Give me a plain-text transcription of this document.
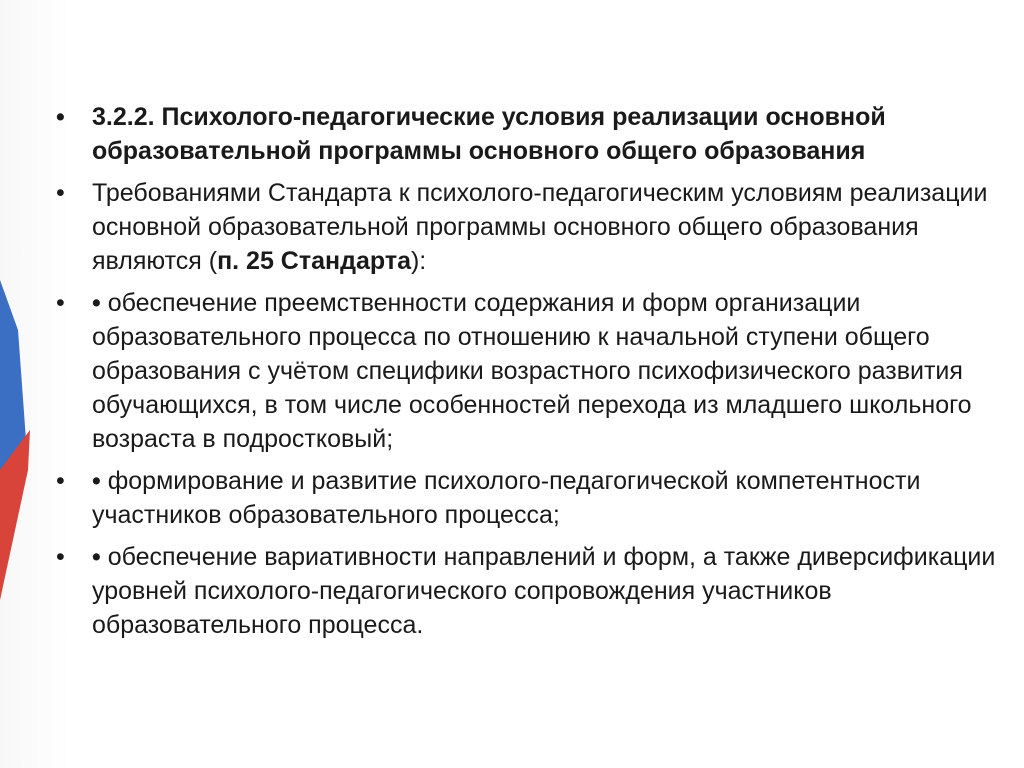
• 3.2.2. Психолого-педагогические условия реализации основной образовательной программы основного общего образования
• Требованиями Стандарта к психолого-педагогическим условиям реализации основной образовательной программы основного общего образования являются (п. 25 Стандарта):
• • обеспечение преемственности содержания и форм организации образовательного процесса по отношению к начальной ступени общего образования с учётом специфики возрастного психофизического развития обучающихся, в том числе особенностей перехода из младшего школьного возраста в подростковый;
• • формирование и развитие психолого-педагогической компетентности участников образовательного процесса;
• • обеспечение вариативности направлений и форм, а также диверсификации уровней психолого-педагогического сопровождения участников образовательного процесса.
